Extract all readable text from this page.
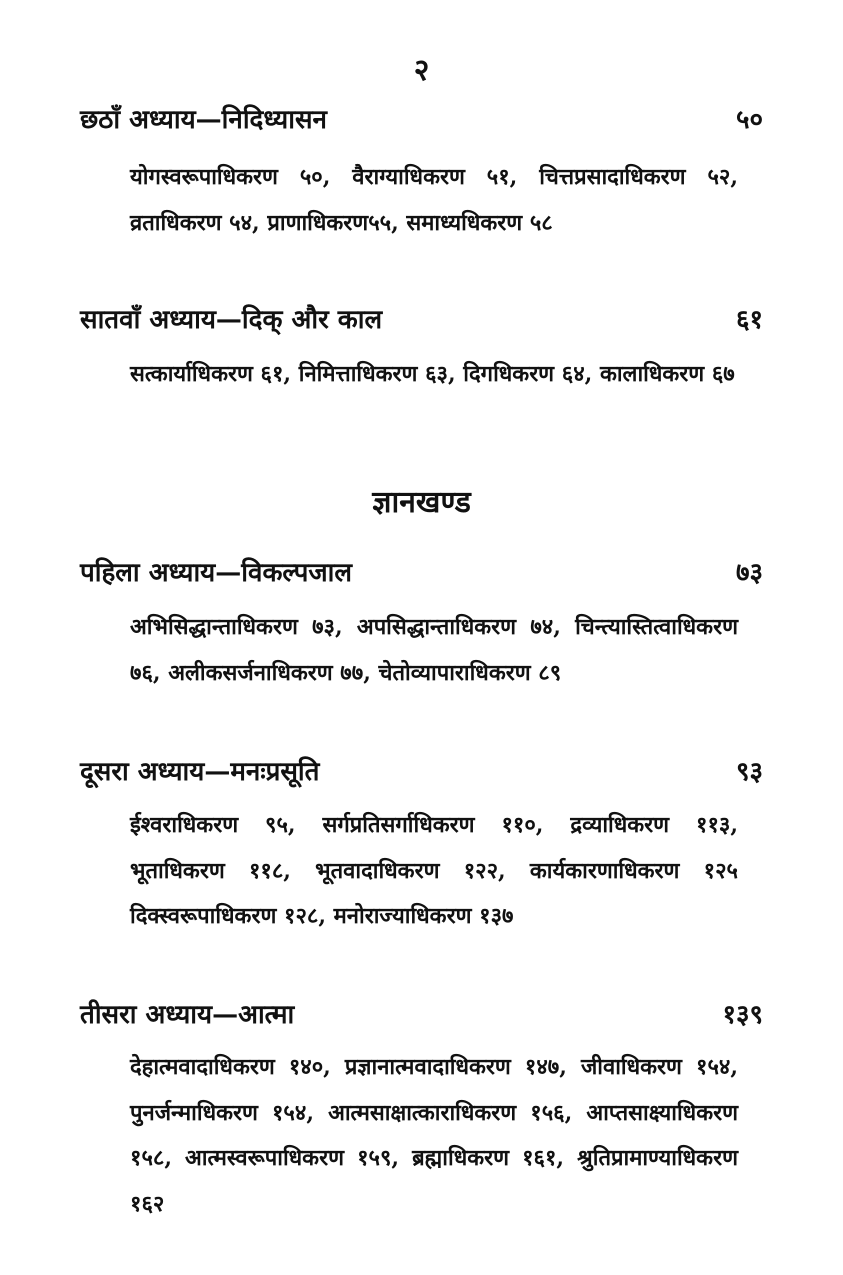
२
छठाँ अध्याय—निदिध्यासन	५०
योगस्वरूपाधिकरण ५०, वैराग्याधिकरण ५१, चित्तप्रसादाधिकरण ५२, व्रताधिकरण ५४, प्राणाधिकरण५५, समाध्यधिकरण ५८
सातवाँ अध्याय—दिक् और काल	६१
सत्कार्याधिकरण ६१, निमित्ताधिकरण ६३, दिगधिकरण ६४, कालाधिकरण ६७
ज्ञानखण्ड
पहिला अध्याय—विकल्पजाल	७३
अभिसिद्धान्ताधिकरण ७३, अपसिद्धान्ताधिकरण ७४, चिन्त्यास्तित्वाधिकरण ७६, अलीकसर्जनाधिकरण ७७, चेतोव्यापाराधिकरण ८९
दूसरा अध्याय—मनःप्रसूति	९३
ईश्वराधिकरण ९५, सर्गप्रतिसर्गाधिकरण ११०, द्रव्याधिकरण ११३, भूताधिकरण ११८, भूतवादाधिकरण १२२, कार्यकारणाधिकरण १२५ दिक्स्वरूपाधिकरण १२८, मनोराज्याधिकरण १३७
तीसरा अध्याय—आत्मा	१३९
देहात्मवादाधिकरण १४०, प्रज्ञानात्मवादाधिकरण १४७, जीवाधिकरण १५४, पुनर्जन्माधिकरण १५४, आत्मसाक्षात्काराधिकरण १५६, आप्तसाक्ष्याधिकरण १५८, आत्मस्वरूपाधिकरण १५९, ब्रह्माधिकरण १६१, श्रुतिप्रामाण्याधिकरण १६२
